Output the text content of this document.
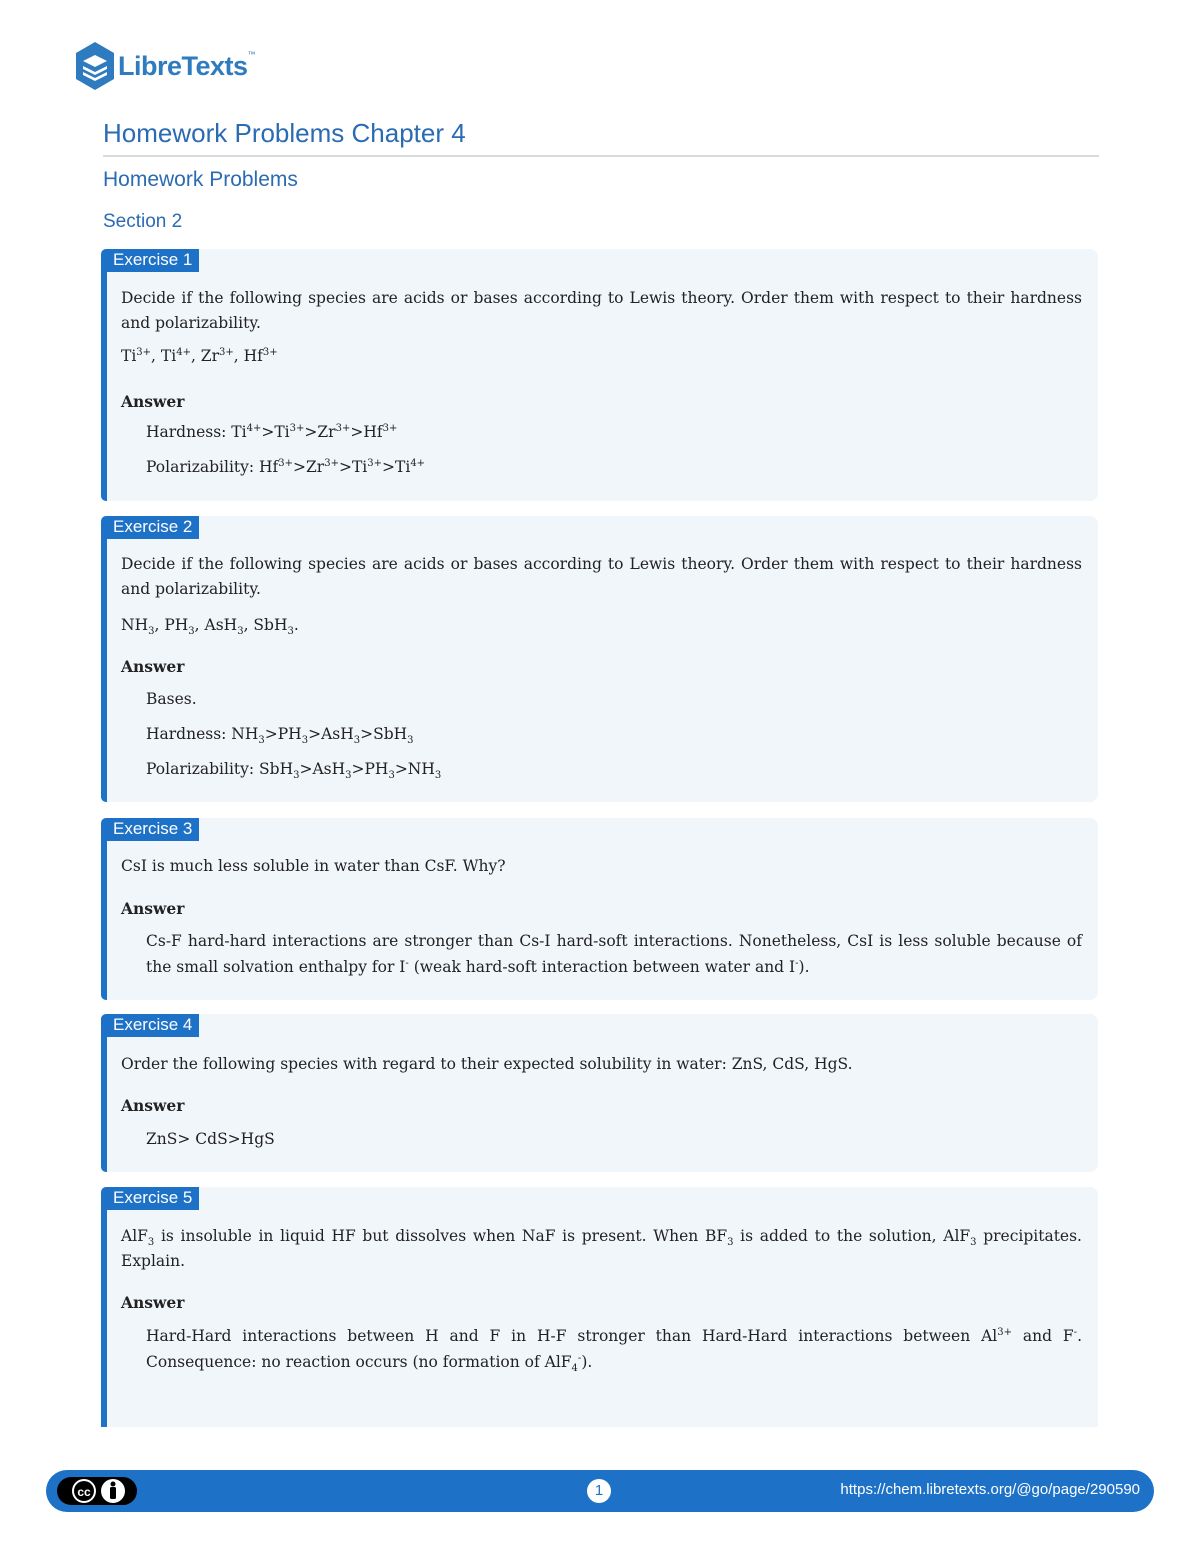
LibreTexts™
Homework Problems Chapter 4
Homework Problems
Section 2
Exercise 1

Decide if the following species are acids or bases according to Lewis theory. Order them with respect to their hardness and polarizability.

$Ti^{3+}$, $Ti^{4+}$, $Zr^{3+}$, $Hf^{3+}$

Answer

Hardness: $Ti^{4+}>Ti^{3+}>Zr^{3+}>Hf^{3+}$

Polarizability: $Hf^{3+}>Zr^{3+}>Ti^{3+}>Ti^{4+}$

Exercise 2

Decide if the following species are acids or bases according to Lewis theory. Order them with respect to their hardness and polarizability.

$NH_3$, $PH_3$, AsH$_3$, SbH$_3$.

Answer

Bases.

Hardness: $NH_3>PH_3>AsH_3>SbH_3$

Polarizability: $SbH_3>AsH_3>PH_3>NH_3$

Exercise 3

CsI is much less soluble in water than CsF. Why?

Answer

Cs-F hard-hard interactions are stronger than Cs-I hard-soft interactions. Nonetheless, CsI is less soluble because of the small solvation enthalpy for I- (weak hard-soft interaction between water and I-).

Exercise 4

Order the following species with regard to their expected solubility in water: ZnS, CdS, HgS.

Answer

ZnS> CdS>HgS

Exercise 5

AlF$_3$ is insoluble in liquid HF but dissolves when NaF is present. When $BF_3$ is added to the solution, AlF$_3$ precipitates. Explain.

Answer

Hard-Hard interactions between H and F in H-F stronger than Hard-Hard interactions between $Al^{3+}$ and F-. Consequence: no reaction occurs (no formation of AlF$_4$-).

cc	1	https://chem.libretexts.org/@go/page/290590
